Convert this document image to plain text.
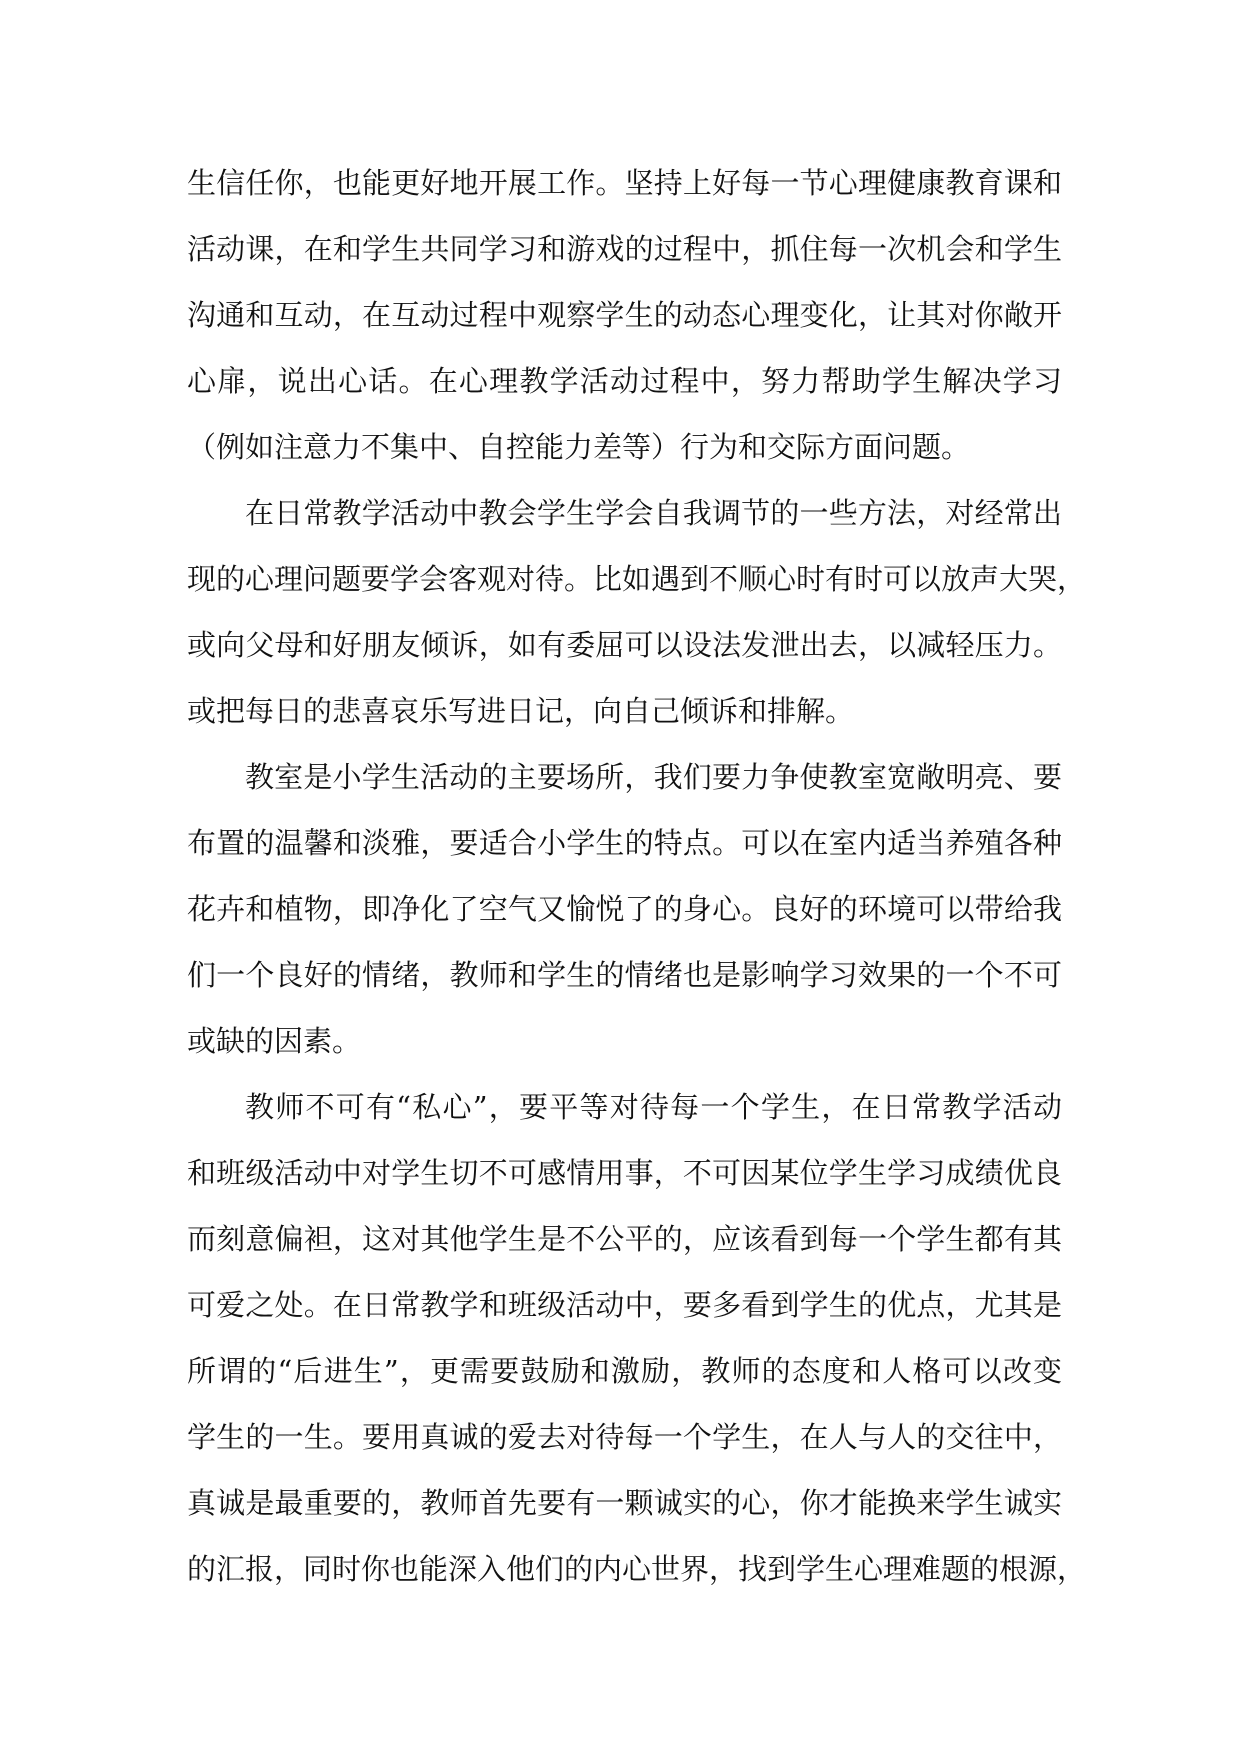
生信任你，也能更好地开展工作。坚持上好每一节心理健康教育课和
活动课，在和学生共同学习和游戏的过程中，抓住每一次机会和学生
沟通和互动，在互动过程中观察学生的动态心理变化，让其对你敞开
心扉，说出心话。在心理教学活动过程中，努力帮助学生解决学习
（例如注意力不集中、自控能力差等）行为和交际方面问题。
在日常教学活动中教会学生学会自我调节的一些方法，对经常出
现的心理问题要学会客观对待。比如遇到不顺心时有时可以放声大哭，
或向父母和好朋友倾诉，如有委屈可以设法发泄出去，以减轻压力。
或把每日的悲喜哀乐写进日记，向自己倾诉和排解。
教室是小学生活动的主要场所，我们要力争使教室宽敞明亮、要
布置的温馨和淡雅，要适合小学生的特点。可以在室内适当养殖各种
花卉和植物，即净化了空气又愉悦了的身心。良好的环境可以带给我
们一个良好的情绪，教师和学生的情绪也是影响学习效果的一个不可
或缺的因素。
教师不可有“私心”，要平等对待每一个学生，在日常教学活动
和班级活动中对学生切不可感情用事，不可因某位学生学习成绩优良
而刻意偏袒，这对其他学生是不公平的，应该看到每一个学生都有其
可爱之处。在日常教学和班级活动中，要多看到学生的优点，尤其是
所谓的“后进生”，更需要鼓励和激励，教师的态度和人格可以改变
学生的一生。要用真诚的爱去对待每一个学生，在人与人的交往中，
真诚是最重要的，教师首先要有一颗诚实的心，你才能换来学生诚实
的汇报，同时你也能深入他们的内心世界，找到学生心理难题的根源，
